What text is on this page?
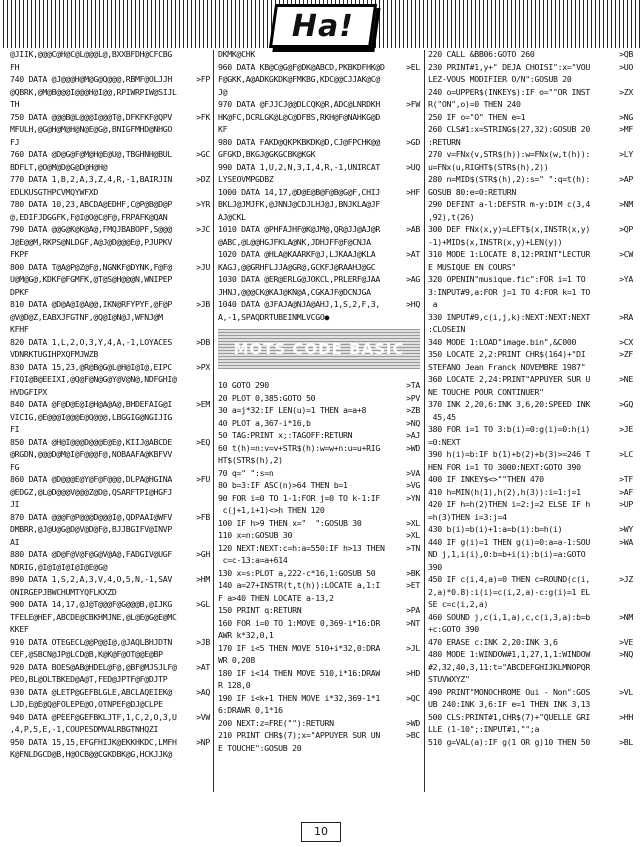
Ha!
@JIIK,@@@C@H@C@L@@@L@,BXXBFDH@CFCBG
FH
740 DATA @J@@@H@M@G@Q@@@,RBMF@OLJJH	>FP
@QBRK,@M@B@@@I@@@H@I@@,RPIWRPIW@SIJL
TH
750 DATA @@@B@L@@@I@@@T@,DFKFKF@QPV	>FK
MFULH,@G@H@M@H@N@E@G@,BNIGFMHD@NHGO
FJ
760 DATA @D@G@F@M@H@E@U@,TBGHNH@BUL	>GC
BDFLT,@O@M@D@G@D@H@H@
770 DATA 1,B,2,A,3,Z,4,R,-1,BAIRJIN	>DZ
EDLKUSGTHPCVMQYWFXD
780 DATA 10,23,ABCDA@EDHF,C@P@B@D@P	>YR
@,EDIFJDGGFK,F@I@O@C@F@,FRPAFK@QAN
790 DATA @@G@K@K@A@,FMQJBABOPF,S@@@	>JC
J@E@@M,RKPS@NLDGF,A@J@D@@@E@,PJUPKV
FKPF
800 DATA T@A@P@Z@F@,NGNKF@DYNK,F@F@	>JU
U@M@G@,KDKF@FGMFK,@T@S@H@@@N,WNIPEP
DPKF
810 DATA @D@A@I@A@@,IKN@RFYPYF,@F@P	>JB
@V@D@Z,EABXJFGTNF,@Q@I@N@J,WFNJ@M
KFHF
820 DATA 1,L,2,O,3,Y,4,A,-1,LOYACES	>DB
VDNRKTUGIHPXQFMJWZB
830 DATA 15,23,@R@B@G@L@H@I@I@,EIPC	>PX
FIQI@B@EEIXI,@Q@F@N@G@Y@V@N@,NDFGHI@
HVDGFIPX
840 DATA @F@D@E@I@H@A@A@,BHDEFAIG@I	>EM
VICIG,@E@@@I@@@E@Q@@@,LBGGIG@NGIJIG
FI
850 DATA @H@I@@@D@@@E@E@,KIIJ@ABCDE	>EQ
@RGDN,@@@D@M@I@F@@@F@,NOBAAFA@KBFVV
FG
860 DATA @D@@@E@Y@F@F@@@,DLPA@HGINA	>FU
@EDGZ,@L@D@@@V@@@Z@D@,QSARFTPI@HGFJ
JI
870 DATA @@@F@P@@@D@@@I@,QDPAAI@WFV	>FB
DMBRR,@J@U@G@D@V@D@F@,BJJBGIFV@INVP
AI
880 DATA @D@F@V@F@G@V@A@,FADGIV@UGF	>GH
NDRIG,@I@I@I@I@I@E@G@
890 DATA 1,S,2,A,3,V,4,O,5,N,-1,SAV	>HM
ONIRGEPJBWCHUMTYQFLKXZD
900 DATA 14,17,@J@T@@@F@G@@@B,@IJKG	>GL
TFELE@HEF,ABCDE@CBKHMJNE,@L@E@G@E@MC
KKEF
910 DATA OTEGECL@@P@@I@,@JAQLBHJDTN	>JB
CEF,@SBCN@JP@LCD@B,K@K@F@OT@@E@BP
920 DATA BOES@AB@HDEL@F@,@BF@MJSJLF@	>AT
PEO,BL@OLTBKED@A@T,FED@JPTF@F@DJTP
930 DATA @LETP@GEFBLGLE,ABCLAQEIEK@	>AQ
LJD,E@E@Q@FOLEPE@O,OTNPEF@DJ@CLPE
940 DATA @PEEF@GEFBKLJTF,1,C,2,O,3,U	>VW
,4,P,5,E,-1,COUPESDMVALRBGTNHQZI
950 DATA 15,15,EFGFHIJK@EKKHKDC,LMFH	>NP
K@FNLDGCD@B,H@OCB@@CGKDBK@G,HCKJJK@
DKMK@CHK
960 DATA KB@C@G@F@DK@ABCD,PKBKDFHK@D	>EL
F@GKK,A@ADKGKDK@FMKBG,KDC@@CJJAK@C@
J@
970 DATA @FJJCJ@@DLCQK@R,ADC@LNRDKH	>FW
HK@FC,DCRLGK@L@C@DFBS,RKH@F@NAHKG@D
KF
980 DATA FAKD@QKPKBKDK@D,CJ@FPCHK@@	>GD
GFGKD,BKGJ@GKGCBK@KGK
990 DATA 1,U,2,N,3,I,4,R,-1,UNIRCAT	>UQ
LYSEOVMPGDBZ
1000 DATA 14,17,@D@E@B@F@B@G@F,CHIJ	>HF
BKLJ@JMJFK,@JNNJ@CDJLHJ@J,BNJKLA@JF
AJ@CKL
1010 DATA @PHFAJHF@K@JM@,QR@JJ@AJ@R	>AB
@ABC,@L@@HGJFKLA@NK,JDHJFF@F@CNJA
1020 DATA @HLA@KAARKF@J,LJKAAJ@KLA	>AT
KAGJ,@@GRHFLJJA@GR@,GCKFJ@RAAHJ@GC
1030 DATA @ER@ERLG@JOKCL,PRLERF@JAA	>AG
JHNJ,@@@CK@KAJ@KN@A,CGKAJF@DCNJGA
1040 DATA @JFAJA@NJA@AHJ,1,S,2,F,3,	>HQ
A,-1,SPAQDRTUBEINMLVCGO●
MOTS CODE BASIC
10 GOTO 290	>TA
20 PLOT 0,385:GOTO 50	>PV
30 a=j*32:IF LEN(u)=1 THEN a=a+8	>ZB
40 PLOT a,367-i*16,b	>NQ
50 TAG:PRINT x;:TAGOFF:RETURN	>AJ
60 t(h)=n:v=v+STR$(h):w=w+n:u=u+RIG	>WD
HT$(STR$(h),2)
70 q=" ":s=n	>VA
80 b=3:IF ASC(n)>64 THEN b=1	>VG
90 FOR i=0 TO 1-1:FOR j=0 TO k-1:IF	>YN
c(j+1,i+1)<>h THEN 120
100 IF h>9 THEN x="  ":GOSUB 30	>XL
110 x=n:GOSUB 30	>XL
120 NEXT:NEXT:c=h:a=550:IF h>13 THEN	>TN
c=c-13:a=a+614
130 x=s:PLOT a,222-c*16,1:GOSUB 50	>BK
140 a=27+INSTR(t,t(h)):LOCATE a,1:I	>ET
F a>40 THEN LOCATE a-13,2
150 PRINT q:RETURN	>PA
160 FOR i=0 TO 1:MOVE 0,369-i*16:DR	>NT
AWR k*32,0,1
170 IF i<5 THEN MOVE 510+i*32,0:DRA	>JL
WR 0,208
180 IF i<14 THEN MOVE 510,i*16:DRAW	>HD
R 128,0
190 IF i<k+1 THEN MOVE i*32,369-1*1	>QC
6:DRAWR 0,1*16
200 NEXT:z=FRE(""):RETURN	>WD
210 PRINT CHR$(7);x="APPUYER SUR UN	>BC
E TOUCHE":GOSUB 20
220 CALL &BB06:GOTO 260	>QB
230 PRINT#1,y+" DEJA CHOISI":x="VOU	>UO
LEZ-VOUS MODIFIER O/N":GOSUB 20
240 o=UPPER$(INKEY$):IF o=""OR INST	>ZX
R("ON",o)=0 THEN 240
250 IF o="O" THEN e=1	>NG
260 CLS#1:x=STRING$(27,32):GOSUB 20	>MF
:RETURN
270 v=FNx(v,STR$(h)):w=FNx(w,t(h)):	>LY
u=FNx(u,RIGHT$(STR$(h),2))
280 n=MID$(STR$(h),2):s=" ":q=t(h):	>AP
GOSUB 80:e=0:RETURN
290 DEFINT a-l:DEFSTR m-y:DIM c(3,4	>NM
,92),t(26)
300 DEF FNx(x,y)=LEFT$(x,INSTR(x,y)	>QP
-1)+MID$(x,INSTR(x,y)+LEN(y))
310 MODE 1:LOCATE 8,12:PRINT"LECTUR	>CW
E MUSIQUE EN COURS"
320 OPENIN"musique.fic":FOR i=1 TO	>YA
3:INPUT#9,a:FOR j=1 TO 4:FOR k=1 TO
a
330 INPUT#9,c(i,j,k):NEXT:NEXT:NEXT	>RA
:CLOSEIN
340 MODE 1:LOAD"image.bin",&C000	>CX
350 LOCATE 2,2:PRINT CHR$(164)+"DI	>ZF
STEFANO Jean Franck NOVEMBRE 1987"
360 LOCATE 2,24:PRINT"APPUYER SUR U	>NE
NE TOUCHE POUR CONTINUER"
370 INK 2,20,6:INK 3,6,20:SPEED INK	>GQ
45,45
380 FOR i=1 TO 3:b(i)=0:g(i)=0:h(i)	>JE
=0:NEXT
390 h(i)=b:IF b(1)+b(2)+b(3)>=246 T	>LC
HEN FOR i=1 TO 3000:NEXT:GOTO 390
400 IF INKEY$<>""THEN 470	>TF
410 h=MIN(h(1),h(2),h(3)):i=1:j=1	>AF
420 IF h=h(2)THEN i=2:j=2 ELSE IF h	>UP
=h(3)THEN i=3:j=4
430 b(i)=b(i)+1:a=b(i):b=h(i)	>WY
440 IF g(i)=1 THEN g(i)=0:a=a-1:SOU	>WA
ND j,1,i(i),0:b=b+i(i):b(i)=a:GOTO
390
450 IF c(i,4,a)=0 THEN c=ROUND(c(i,	>JZ
2,a)*0.8):i(i)=c(i,2,a)-c:g(i)=1 EL
SE c=c(i,2,a)
460 SOUND j,c(i,1,a),c,c(i,3,a):b=b	>NM
+c:GOTO 390
470 ERASE c:INK 2,20:INK 3,6	>VE
480 MODE 1:WINDOW#1,1,27,1,1:WINDOW	>NQ
#2,32,40,3,11:t="ABCDEFGHIJKLMNOPQR
STUVWXYZ"
490 PRINT"MONOCHROME Oui - Non":GOS	>VL
UB 240:INK 3,6:IF e=1 THEN INK 3,13
500 CLS:PRINT#1,CHR$(7)+"QUELLE GRI	>HH
LLE (1-10";:INPUT#1,"";a
510 g=VAL(a):IF g(1 OR g)10 THEN 50	>BL
10
